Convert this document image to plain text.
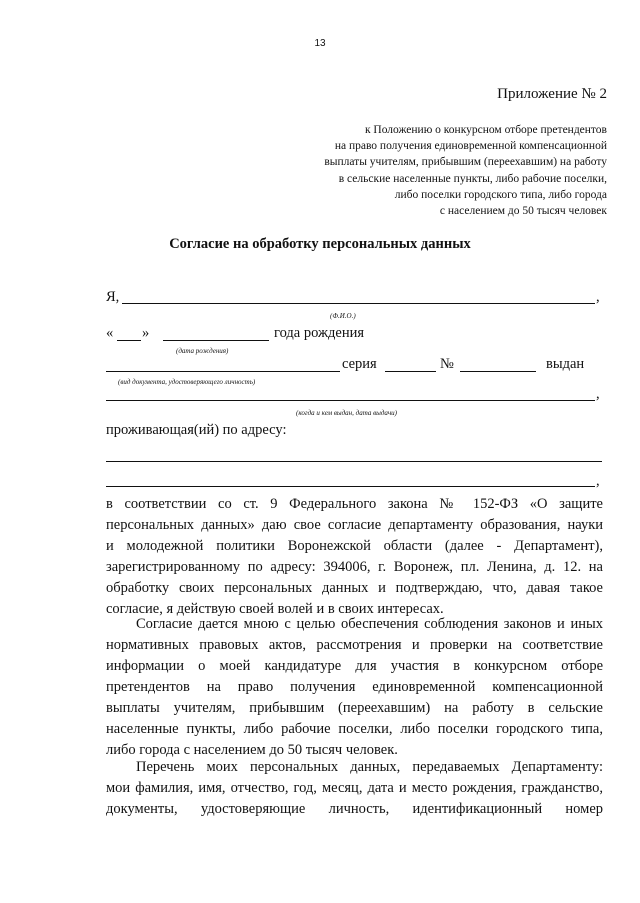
13
Приложение № 2
к Положению о конкурсном отборе претендентов
на право получения единовременной компенсационной
выплаты учителям, прибывшим (переехавшим) на работу
в сельские населенные пункты, либо рабочие поселки,
либо поселки городского типа, либо города
с населением до 50 тысяч человек
Согласие на обработку персональных данных
Я,	,
(Ф.И.О.)
« »	года рождения
(дата рождения)
серия	№	выдан
(вид документа, удостоверяющего личность)
,
(когда и кем выдан, дата выдачи)
проживающая(ий) по адресу:
,
в соответствии со ст. 9 Федерального закона № 152-ФЗ «О защите
персональных данных» даю свое согласие департаменту образования, науки
и молодежной политики Воронежской области (далее - Департамент),
зарегистрированному по адресу: 394006, г. Воронеж, пл. Ленина, д. 12. на
обработку своих персональных данных и подтверждаю, что, давая такое
согласие, я действую своей волей и в своих интересах.
Согласие дается мною с целью обеспечения соблюдения законов и иных
нормативных правовых актов, рассмотрения и проверки на соответствие
информации о моей кандидатуре для участия в конкурсном отборе
претендентов на право получения единовременной компенсационной
выплаты учителям, прибывшим (переехавшим) на работу в сельские
населенные пункты, либо рабочие поселки, либо поселки городского типа,
либо города с населением до 50 тысяч человек.
Перечень моих персональных данных, передаваемых Департаменту:
мои фамилия, имя, отчество, год, месяц, дата и место рождения, гражданство,
документы, удостоверяющие личность, идентификационный номер
